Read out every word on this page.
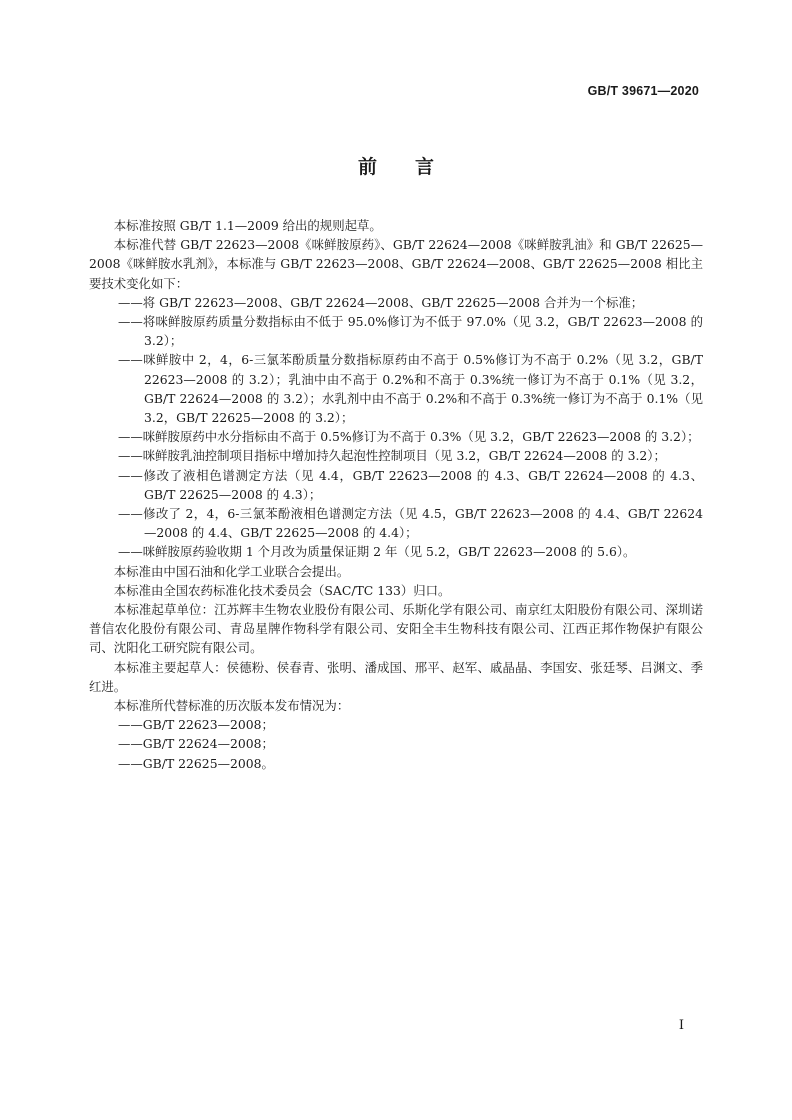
GB/T 39671—2020
前言

本标准按照 GB/T 1.1—2009 给出的规则起草。

本标准代替 GB/T 22623—2008《咪鲜胺原药》、GB/T 22624—2008《咪鲜胺乳油》和 GB/T 22625—2008《咪鲜胺水乳剂》，本标准与 GB/T 22623—2008、GB/T 22624—2008、GB/T 22625—2008 相比主要技术变化如下：

——将 GB/T 22623—2008、GB/T 22624—2008、GB/T 22625—2008 合并为一个标准；

——将咪鲜胺原药质量分数指标由不低于 95.0%修订为不低于 97.0%（见 3.2，GB/T 22623—2008 的 3.2）；

——咪鲜胺中 2，4，6-三氯苯酚质量分数指标原药由不高于 0.5%修订为不高于 0.2%（见 3.2，GB/T 22623—2008 的 3.2）；乳油中由不高于 0.2%和不高于 0.3%统一修订为不高于 0.1%（见 3.2，GB/T 22624—2008 的 3.2）；水乳剂中由不高于 0.2%和不高于 0.3%统一修订为不高于 0.1%（见 3.2，GB/T 22625—2008 的 3.2）；

——咪鲜胺原药中水分指标由不高于 0.5%修订为不高于 0.3%（见 3.2，GB/T 22623—2008 的 3.2）；

——咪鲜胺乳油控制项目指标中增加持久起泡性控制项目（见 3.2，GB/T 22624—2008 的 3.2）；

——修改了液相色谱测定方法（见 4.4，GB/T 22623—2008 的 4.3、GB/T 22624—2008 的 4.3、GB/T 22625—2008 的 4.3）；

——修改了 2，4，6-三氯苯酚液相色谱测定方法（见 4.5，GB/T 22623—2008 的 4.4、GB/T 22624—2008 的 4.4、GB/T 22625—2008 的 4.4）；

——咪鲜胺原药验收期 1 个月改为质量保证期 2 年（见 5.2，GB/T 22623—2008 的 5.6）。

本标准由中国石油和化学工业联合会提出。

本标准由全国农药标准化技术委员会（SAC/TC 133）归口。

本标准起草单位：江苏辉丰生物农业股份有限公司、乐斯化学有限公司、南京红太阳股份有限公司、深圳诺普信农化股份有限公司、青岛星牌作物科学有限公司、安阳全丰生物科技有限公司、江西正邦作物保护有限公司、沈阳化工研究院有限公司。

本标准主要起草人：侯德粉、侯春青、张明、潘成国、邢平、赵军、戚晶晶、李国安、张廷琴、吕渊文、季红进。

本标准所代替标准的历次版本发布情况为：

——GB/T 22623—2008；

——GB/T 22624—2008；

——GB/T 22625—2008。

I
